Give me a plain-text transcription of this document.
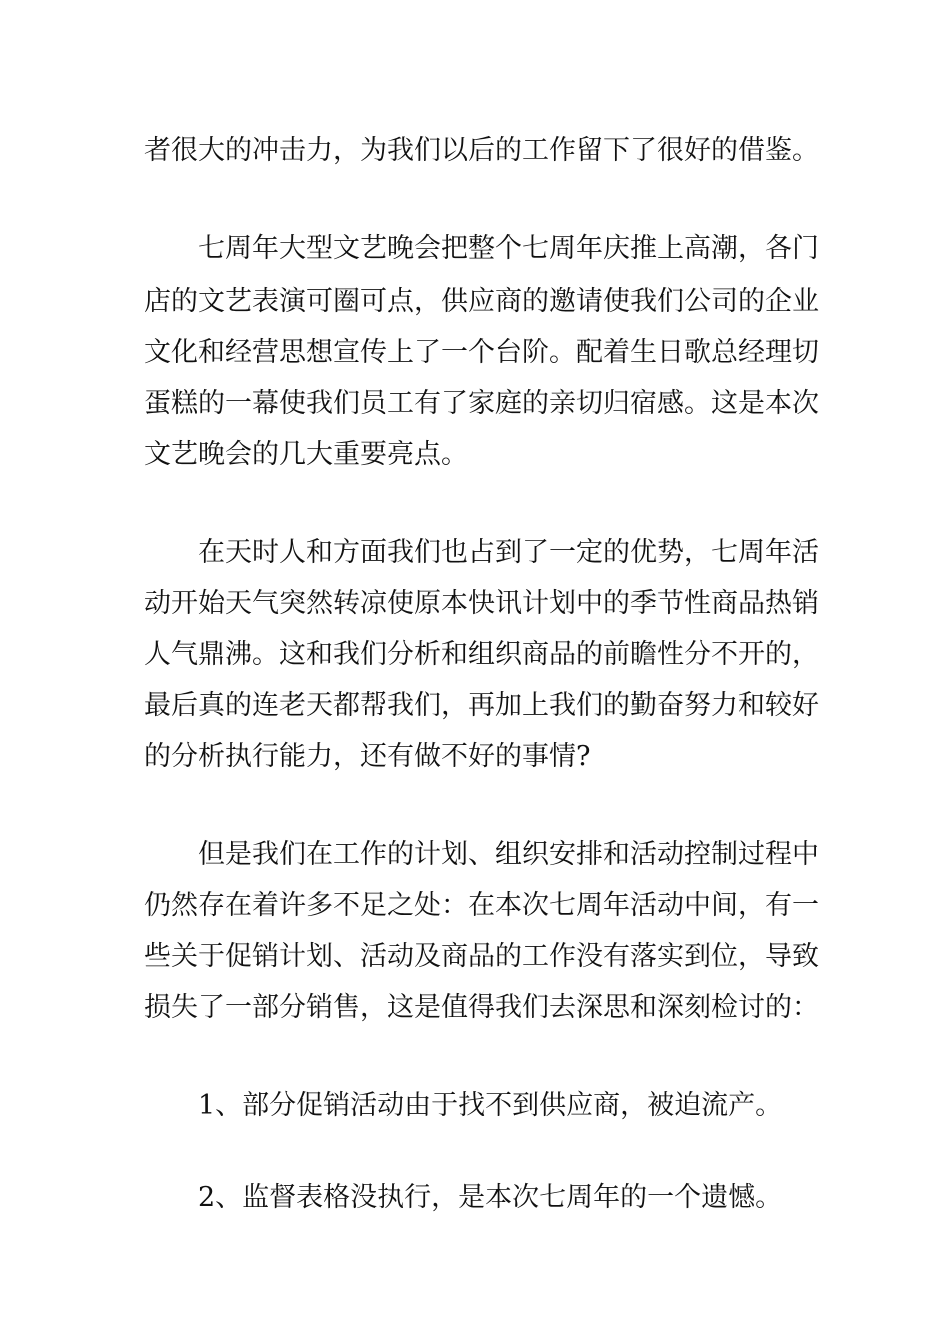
者很大的冲击力，为我们以后的工作留下了很好的借鉴。
七周年大型文艺晚会把整个七周年庆推上高潮，各门
店的文艺表演可圈可点，供应商的邀请使我们公司的企业
文化和经营思想宣传上了一个台阶。配着生日歌总经理切
蛋糕的一幕使我们员工有了家庭的亲切归宿感。这是本次
文艺晚会的几大重要亮点。
在天时人和方面我们也占到了一定的优势，七周年活
动开始天气突然转凉使原本快讯计划中的季节性商品热销
人气鼎沸。这和我们分析和组织商品的前瞻性分不开的，
最后真的连老天都帮我们，再加上我们的勤奋努力和较好
的分析执行能力，还有做不好的事情?
但是我们在工作的计划、组织安排和活动控制过程中
仍然存在着许多不足之处：在本次七周年活动中间，有一
些关于促销计划、活动及商品的工作没有落实到位，导致
损失了一部分销售，这是值得我们去深思和深刻检讨的：
1、部分促销活动由于找不到供应商，被迫流产。
2、监督表格没执行，是本次七周年的一个遗憾。
